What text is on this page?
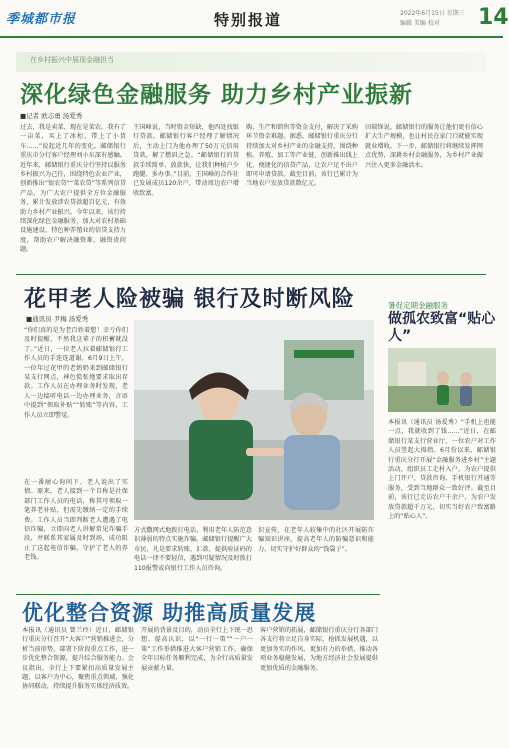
季城都市报	特别报道	2022年6月15日 星期三
编辑 美编 校对 14
在乡村振兴中展现金融担当
深化绿色金融服务 助力乡村产业振新
■记者 欧志勇 汤爱秀
过去，我是卖菜、现在是菜农。我有了一亩菜，买上了冰柜，带上了小货车……”说起近几年的变化，邮储银行重庆市分行客户经理刘小东深有感触。近年来，邮储银行重庆分行坚持以服务乡村振兴为己任，围绕特色农业产业，创新推出“银农贷”“菜农贷”等系列信贷产品，为广大农户提供全方位金融服务，累计发放涉农贷款超百亿元，有效助力乡村产业振兴。今年以来，该行持续深化绿色金融服务，加大对农村基础设施建设、特色种养殖业的信贷支持力度，帮助农户解决融资难、融资贵问题。
王国峰说，当时资金短缺，他四处找银行贷款。邮储银行客户经理了解情况后，主动上门为他办理了50万元信用贷款，解了燃眉之急。“邮储银行的贷款手续简单、放款快，让我们种植户少跑腿、多办事。”目前，王国峰的合作社已发展成员120余户，带动周边农户增收致富。
购、生产和销售等资金支付，解决了采购环节资金难题。据悉，邮储银行重庆分行持续加大对乡村产业的金融支持，围绕种植、养殖、加工等产业链，创新推出线上化、便捷化的信贷产品，让农户足不出户即可申请贷款。截至目前，该行已累计为当地农户发放贷款数亿元。
田瑞锋说，邮储银行的服务让他们更有信心扩大生产规模，也让村民在家门口就能实现就业增收。下一步，邮储银行将继续发挥网点优势，深耕乡村金融服务，为乡村产业振兴注入更多金融活水。
花甲老人险被骗 银行及时断风险
■通讯员 尹梅 汤爱秀
“你们真的是为老百姓着想！幸亏你们及时提醒，不然我这辈子的积蓄就没了。”近日，一位老人拉着邮储银行工作人员的手连连道谢。6月9日上午，一位年过花甲的老奶奶来到邮储银行某支行网点，神色慌张地要求取出存款。工作人员在办理业务时发现，老人一边接听电话一边办理业务，言语中提到“领取补贴”“转账”等内容，工作人员立即警觉。
在一番耐心询问下，老人说出了实情。原来，老人接到一个自称是社保部门工作人员的电话，称其可领取一笔养老补贴，但需先缴纳一定的手续费。工作人员当即判断老人遭遇了电信诈骗，立即向老人讲解常见诈骗手段，并联系其家属及时到场，成功阻止了这起电信诈骗，守护了老人的养老钱。
方式撒网式地拨打电话，利用老年人防范意识薄弱的特点实施诈骗。邮储银行提醒广大市民，凡是要求转账、汇款、提供验证码的电话一律不要轻信，遇到可疑情况及时拨打110报警或向银行工作人员咨询。
识宣传，在老年人较集中的社区开展防诈骗知识讲座，提高老年人的防骗意识和能力，切实守护好群众的“钱袋子”。
暑促定期金融服务
做孤农致富“贴心人”
本报讯（通讯员 汤爱秀）“手机上也能一点，我就收到了钱……”近日，在邮储银行某支行营业厅，一位农户对工作人员竖起大拇指。6月份以来，邮储银行重庆分行开展“金融服务进乡村”主题活动，组织员工走村入户，为农户提供上门开户、贷款咨询、手机银行开通等服务，受到当地群众一致好评。截至目前，该行已走访农户千余户，为农户发放贷款超千万元，切实当好农户致富路上的“贴心人”。
优化整合资源 助推高质量发展
本报讯（通讯员 曾兰玲）近日，邮储银行重庆分行召开“大客户”营销推进会，分析当前形势，部署下阶段重点工作，进一步优化整合资源，提升综合服务能力。会议指出，全行上下要紧扣高质量发展主题，以客户为中心，聚焦重点领域，强化协同联动，持续提升服务实体经济质效。
开展的背景及目的，动员全行上下统一思想、提高认识，以“一行一策”“一户一策”工作举措推进大客户营销工作，确保全年目标任务顺利完成，为全行高质量发展贡献力量。
客户营销的拓展，邮储银行重庆分行各部门各支行将立足自身实际，抢抓发展机遇，以更加务实的作风、更加有力的举措，推动各项业务稳健发展，为地方经济社会发展提供更加优质的金融服务。
